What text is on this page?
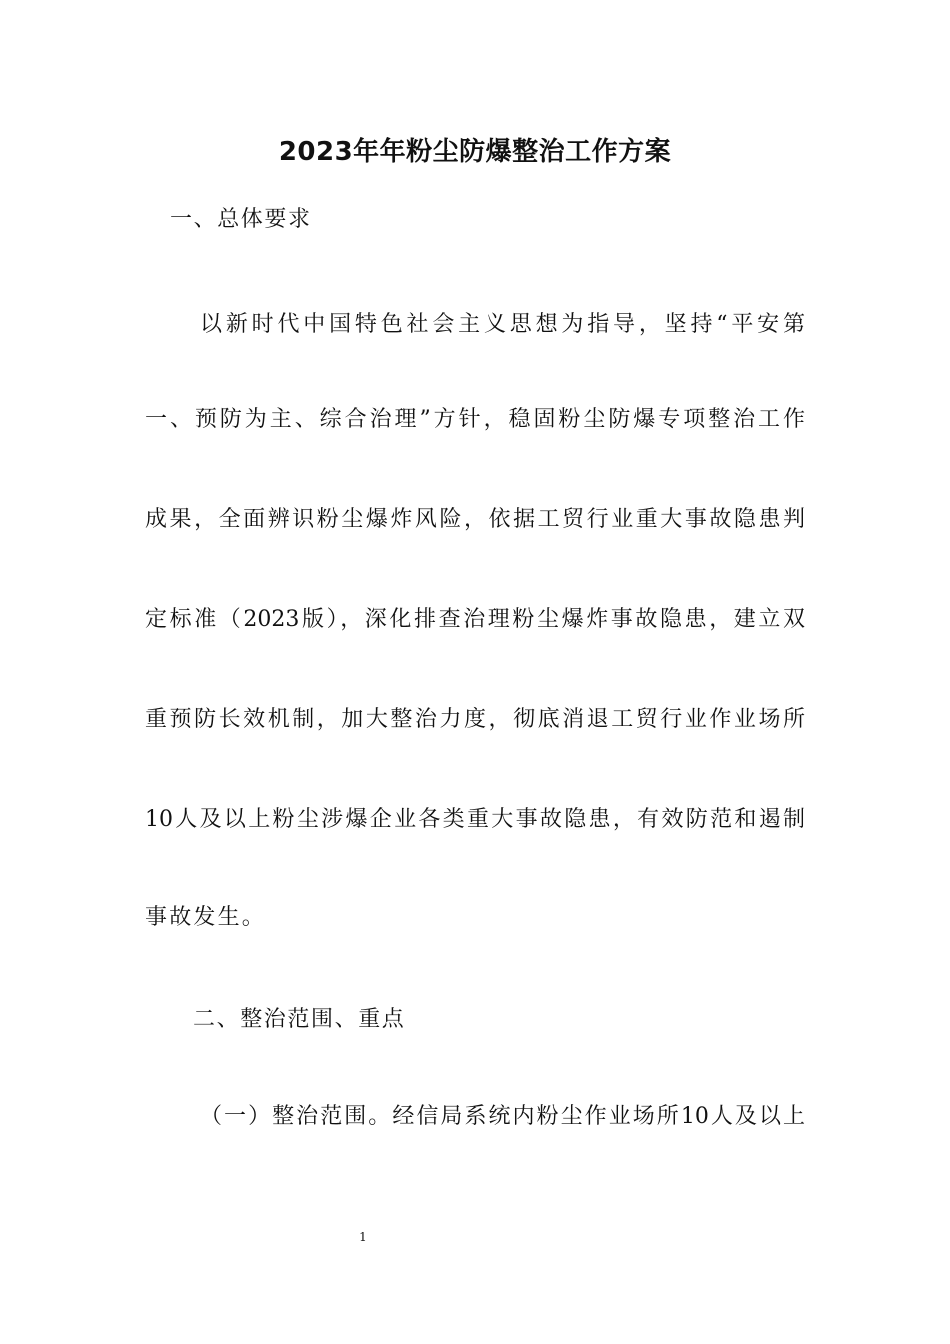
2023年年粉尘防爆整治工作方案
一、总体要求
以新时代中国特色社会主义思想为指导，坚持“平安第
一、预防为主、综合治理”方针，稳固粉尘防爆专项整治工作
成果，全面辨识粉尘爆炸风险，依据工贸行业重大事故隐患判
定标准（2023版），深化排查治理粉尘爆炸事故隐患，建立双
重预防长效机制，加大整治力度，彻底消退工贸行业作业场所
10人及以上粉尘涉爆企业各类重大事故隐患，有效防范和遏制
事故发生。
二、整治范围、重点
（一）整治范围。经信局系统内粉尘作业场所10人及以上
1
